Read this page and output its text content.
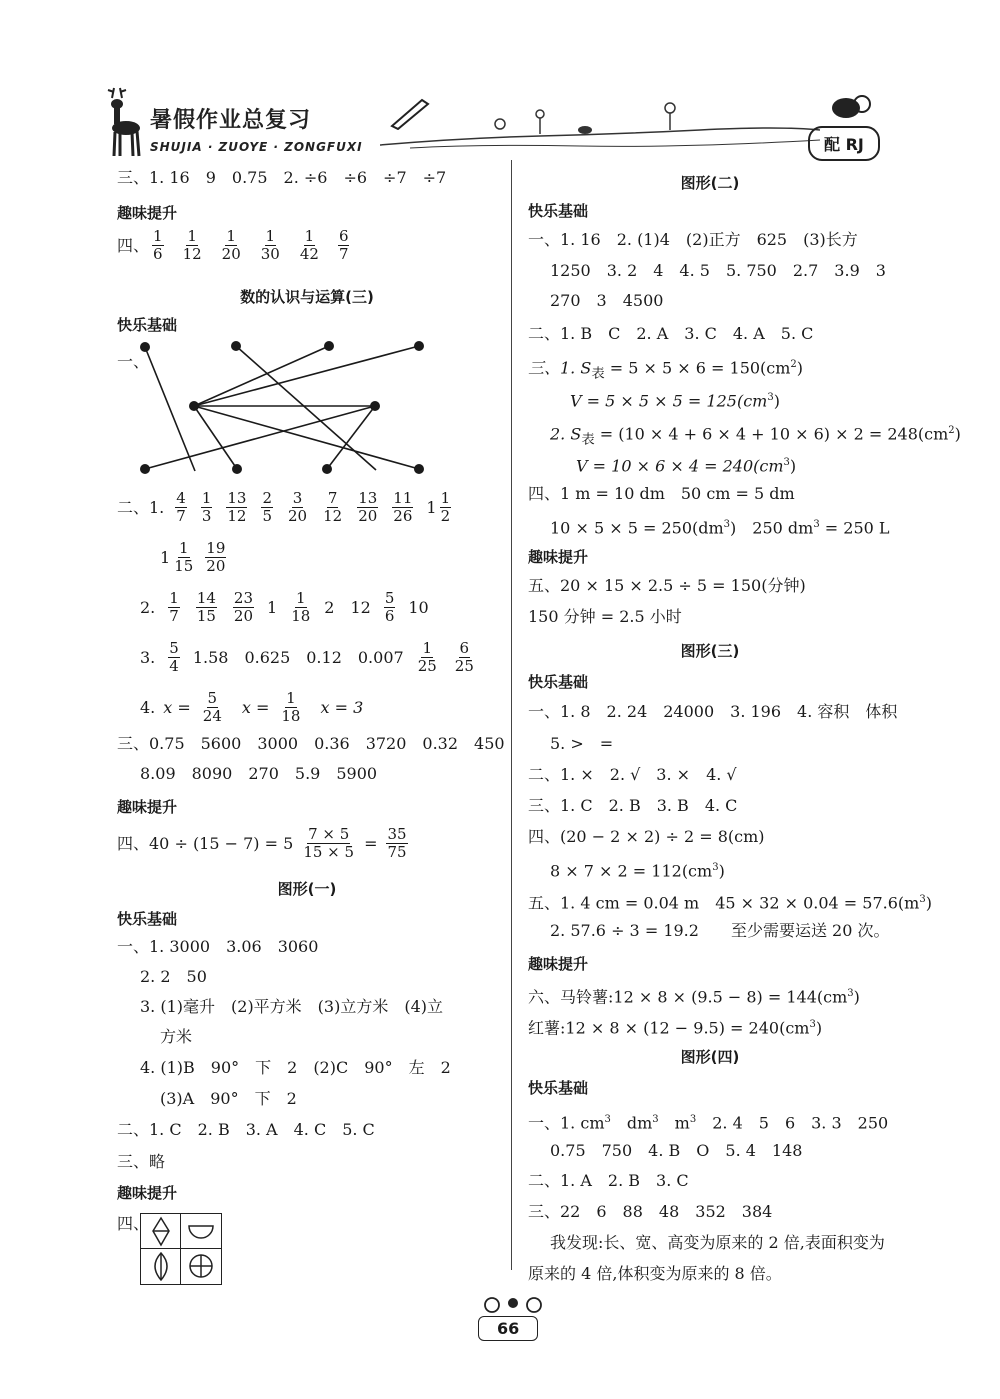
暑假作业总复习
SHUJIA · ZUOYE · ZONGFUXI	配 RJ
三、1. 16　9　0.75　2. ÷6　÷6　÷7　÷7
趣味提升
四、 $\frac{1}{6} \frac{1}{12} \frac{1}{20} \frac{1}{30} \frac{1}{42} \frac{6}{7}$
数的认识与运算(三)
快乐基础
一、
二、1. $\frac{4}{7} \frac{1}{3} \frac{13}{12} \frac{2}{5} \frac{3}{20} \frac{7}{12} \frac{13}{20} \frac{11}{26} 1 \frac{1}{2}$
$1 \frac{1}{15} \frac{19}{20}$
2. $\frac{1}{7} \frac{14}{15} \frac{23}{20} 1 \frac{1}{18} 2$　$12 \frac{5}{6} 10$
3. $\frac{5}{4} 1.58$　0.625　0.12　$0.007 \frac{1}{25} \frac{6}{25}$
4. $x = \frac{5}{24}$ $x = \frac{1}{18}$ x = 3
三、0.75　5600　3000　0.36　3720　0.32　450
8.09　8090　270　5.9　5900
趣味提升
四、$40 \div (15 - 7) = 5 \frac{7 \times 5}{15 \times 5} = \frac{35}{75}$
图形(一)
快乐基础
一、1. 3000　3.06　3060
2. 2　50
3. (1)毫升　(2)平方米　(3)立方米　(4)立
方米
4. (1)B　90°　下　2　(2)C　90°　左　2
(3)A　90°　下　2
二、1. C　2. B　3. A　4. C　5. C
三、略
趣味提升
四、
图形(二)
快乐基础
一、1. 16　2. (1)4　(2)正方　625　(3)长方
1250　3. 2　4　4. 5　5. 750　2.7　3.9　3
270　3　4500
二、1. B　C　2. A　3. C　4. A　5. C
三、1. $S_表 = 5 \times 5 \times 6 = 150(cm^2)$
$V = 5 \times 5 \times 5 = 125(cm^3)$
2. $S_表 = (10 \times 4 + 6 \times 4 + 10 \times 6) \times 2 = 248(cm^2)$
$V = 10 \times 6 \times 4 = 240(cm^3)$
四、1 m = 10 dm　50 cm = 5 dm
$10 \times 5 \times 5 = 250(dm^3)$　250 $dm^3 = 250$ L
趣味提升
五、20 × 15 × 2.5 ÷ 5 = 150(分钟)
150 分钟 = 2.5 小时
图形(三)
快乐基础
一、1. 8　2. 24　24000　3. 196　4. 容积　体积
5. >　=
二、1. ×　2. √　3. ×　4. √
三、1. C　2. B　3. B　4. C
四、(20 − 2 × 2) ÷ 2 = 8(cm)
$8 \times 7 \times 2 = 112(cm^3)$
五、1. 4 cm = 0.04 m　$45 \times 32 \times 0.04 = 57.6(m^3)$
2. 57.6 ÷ 3 = 19.2　　至少需要运送 20 次。
趣味提升
六、马铃薯:12 × $8 \times (9.5 - 8) = 144(cm^3)$
红薯:12 × $8 \times (12 - 9.5) = 240(cm^3)$
图形(四)
快乐基础
一、1. $cm^3$　$dm^3$　$m^3$　2. 4　5　6　3. 3　250
0.75　750　4. B　O　5. 4　148
二、1. A　2. B　3. C
三、22　6　88　48　352　384
我发现:长、宽、高变为原来的 2 倍,表面积变为
原来的 4 倍,体积变为原来的 8 倍。
66
